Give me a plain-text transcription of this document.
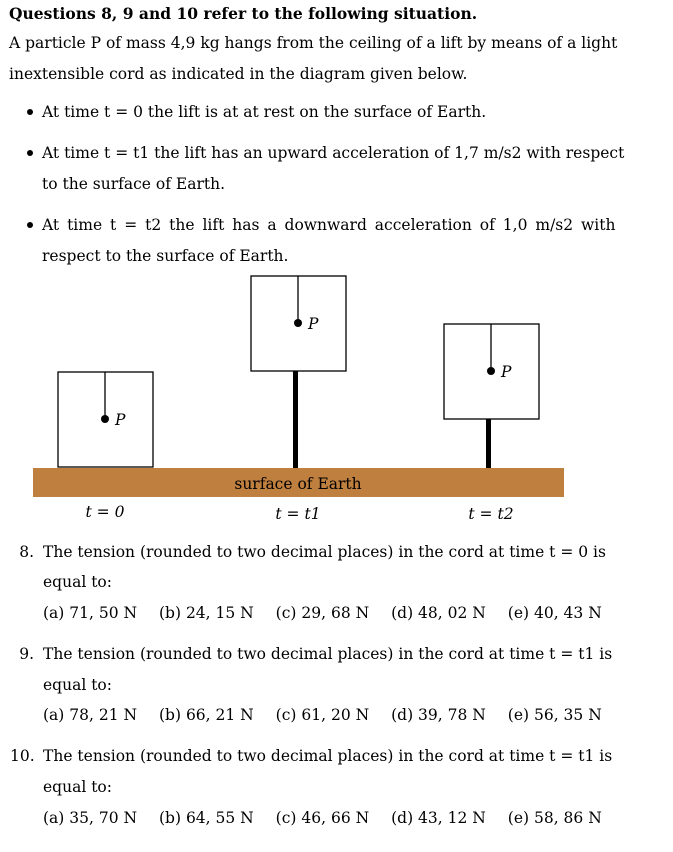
Questions 8, 9 and 10 refer to the following situation.
A particle P of mass 4,9 kg hangs from the ceiling of a lift by means of a light
inextensible cord as indicated in the diagram given below.
At time t = 0 the lift is at at rest on the surface of Earth.
At time t = t1 the lift has an upward acceleration of 1,7 m/s2 with respect
to the surface of Earth.
At time t = t2 the lift has a downward acceleration of 1,0 m/s2 with
respect to the surface of Earth.
surface of Earth
P
P
P
t = 0	t = t1	t = t2
8. The tension (rounded to two decimal places) in the cord at time t = 0 is
equal to:
(a) 71, 50 N (b) 24, 15 N (c) 29, 68 N (d) 48, 02 N (e) 40, 43 N
9. The tension (rounded to two decimal places) in the cord at time t = t1 is
equal to:
(a) 78, 21 N (b) 66, 21 N (c) 61, 20 N (d) 39, 78 N (e) 56, 35 N
10. The tension (rounded to two decimal places) in the cord at time t = t1 is
equal to:
(a) 35, 70 N (b) 64, 55 N (c) 46, 66 N (d) 43, 12 N (e) 58, 86 N
